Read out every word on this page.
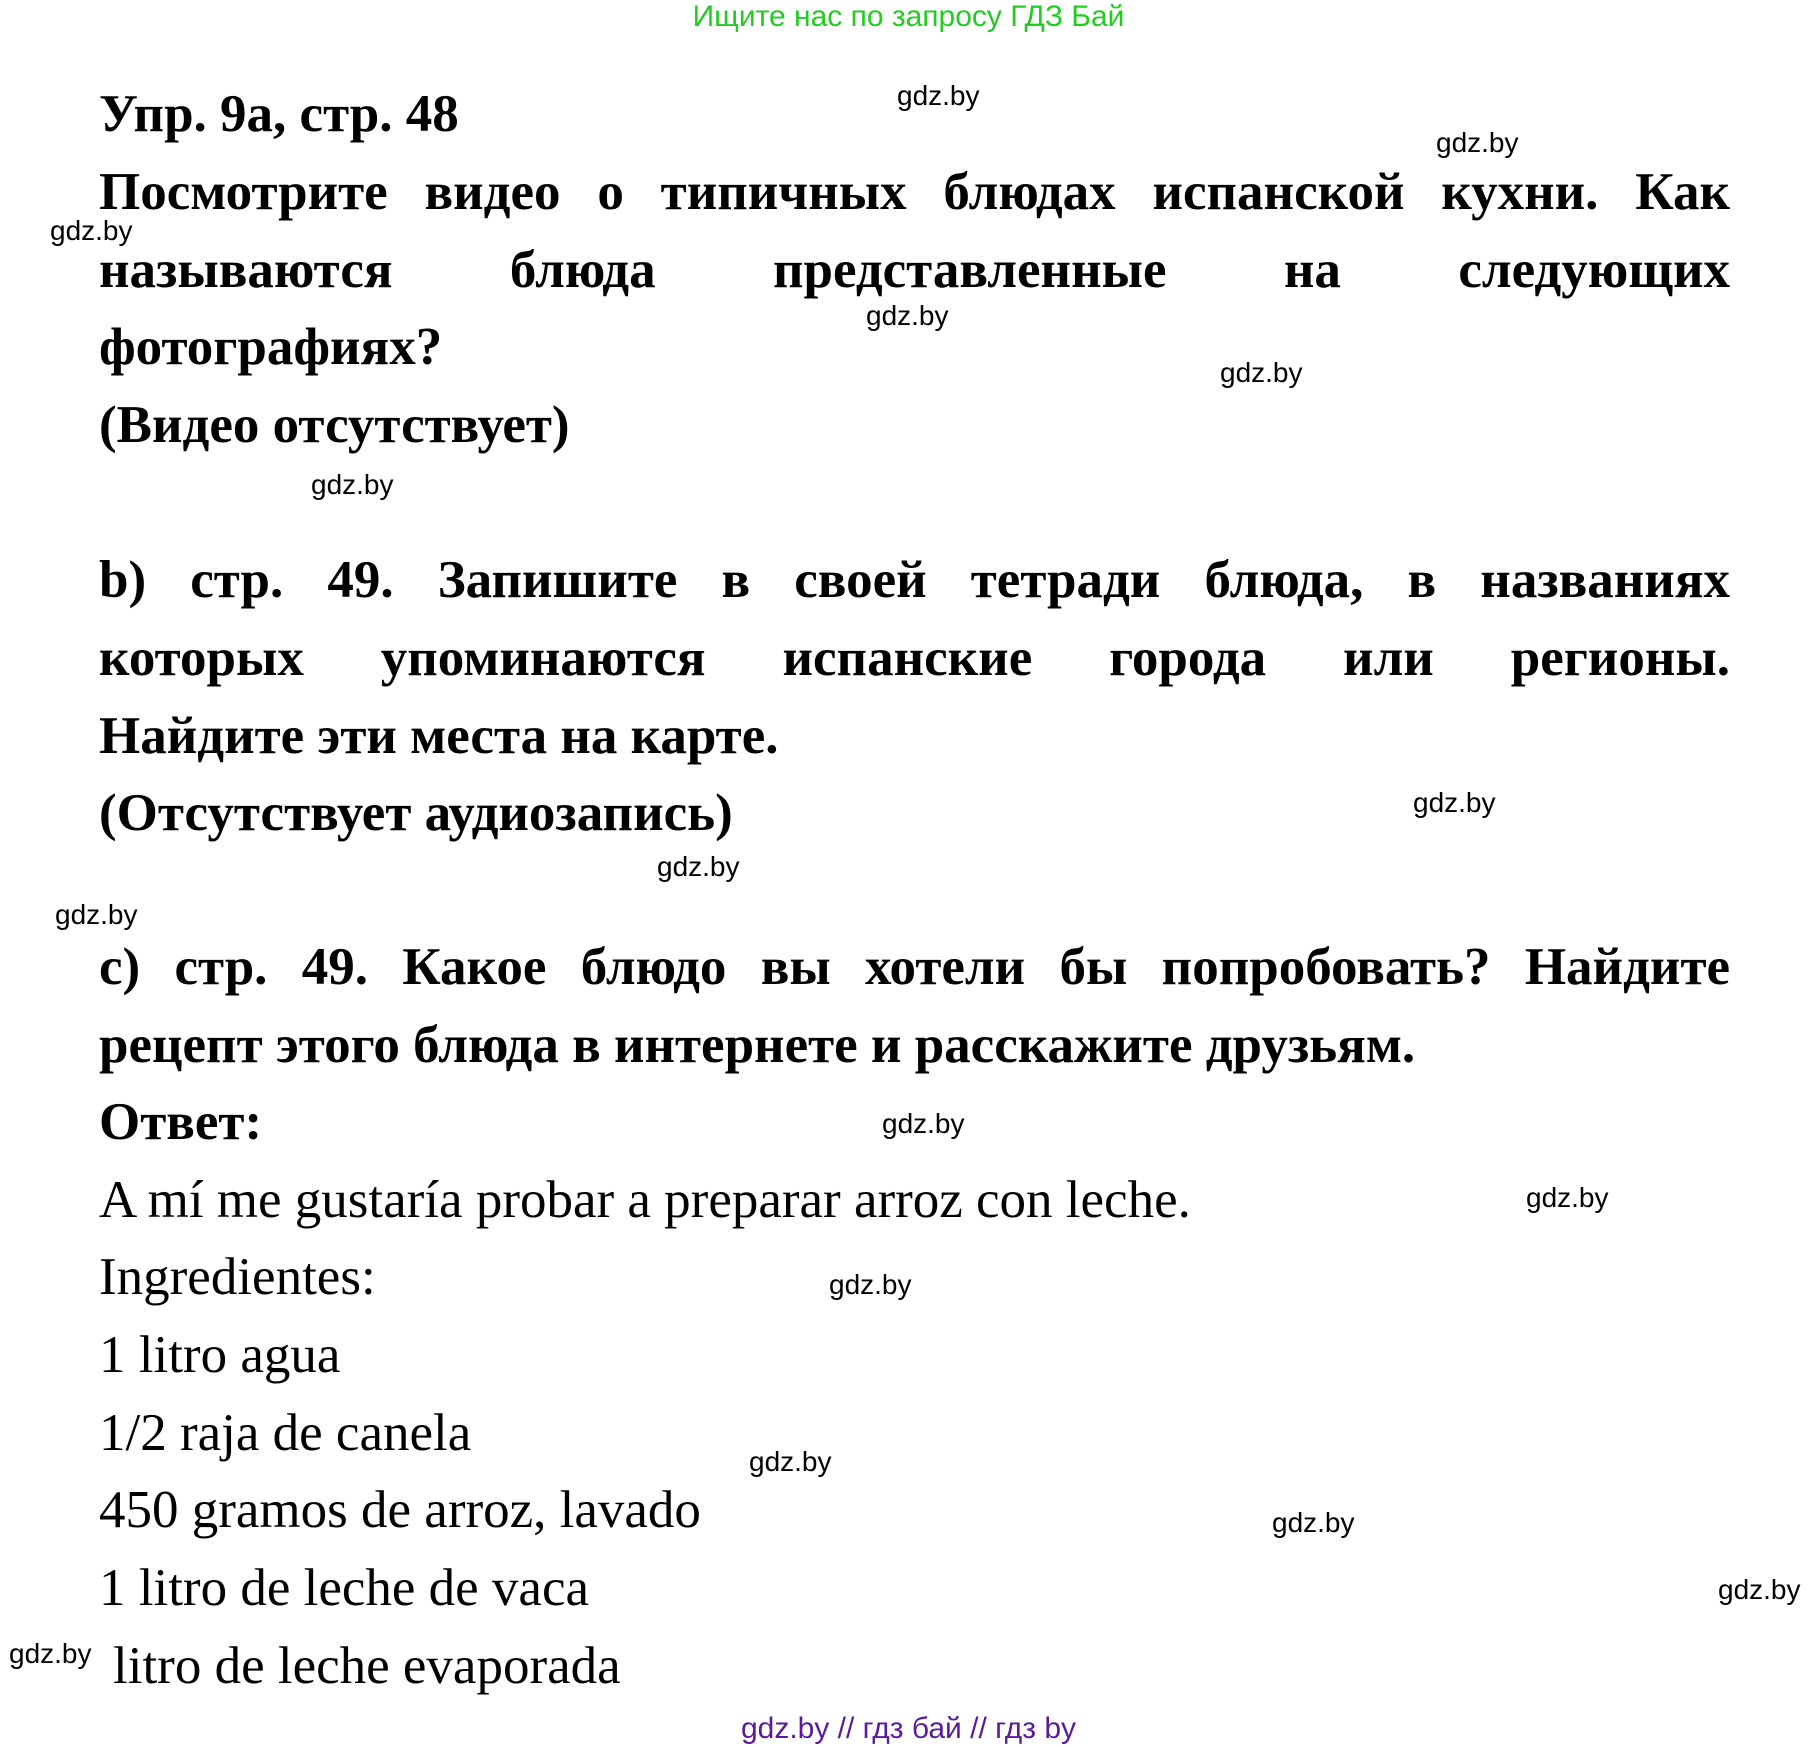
Ищите нас по запросу ГДЗ Бай
Упр. 9а, стр. 48
Посмотрите видео о типичных блюдах испанской кухни. Как
называются блюда представленные на следующих
фотографиях?
(Видео отсутствует)
b) стр. 49. Запишите в своей тетради блюда, в названиях
которых упоминаются испанские города или регионы.
Найдите эти места на карте.
(Отсутствует аудиозапись)
c) стр. 49. Какое блюдо вы хотели бы попробовать? Найдите
рецепт этого блюда в интернете и расскажите друзьям.
Ответ:
A mí me gustaría probar a preparar arroz con leche.
Ingredientes:
1 litro agua
1/2 raja de canela
450 gramos de arroz, lavado
1 litro de leche de vaca
litro de leche evaporada
gdz.by
gdz.by
gdz.by
gdz.by
gdz.by
gdz.by
gdz.by
gdz.by
gdz.by
gdz.by
gdz.by
gdz.by
gdz.by
gdz.by
gdz.by
gdz.by
gdz.by // гдз бай // гдз by
